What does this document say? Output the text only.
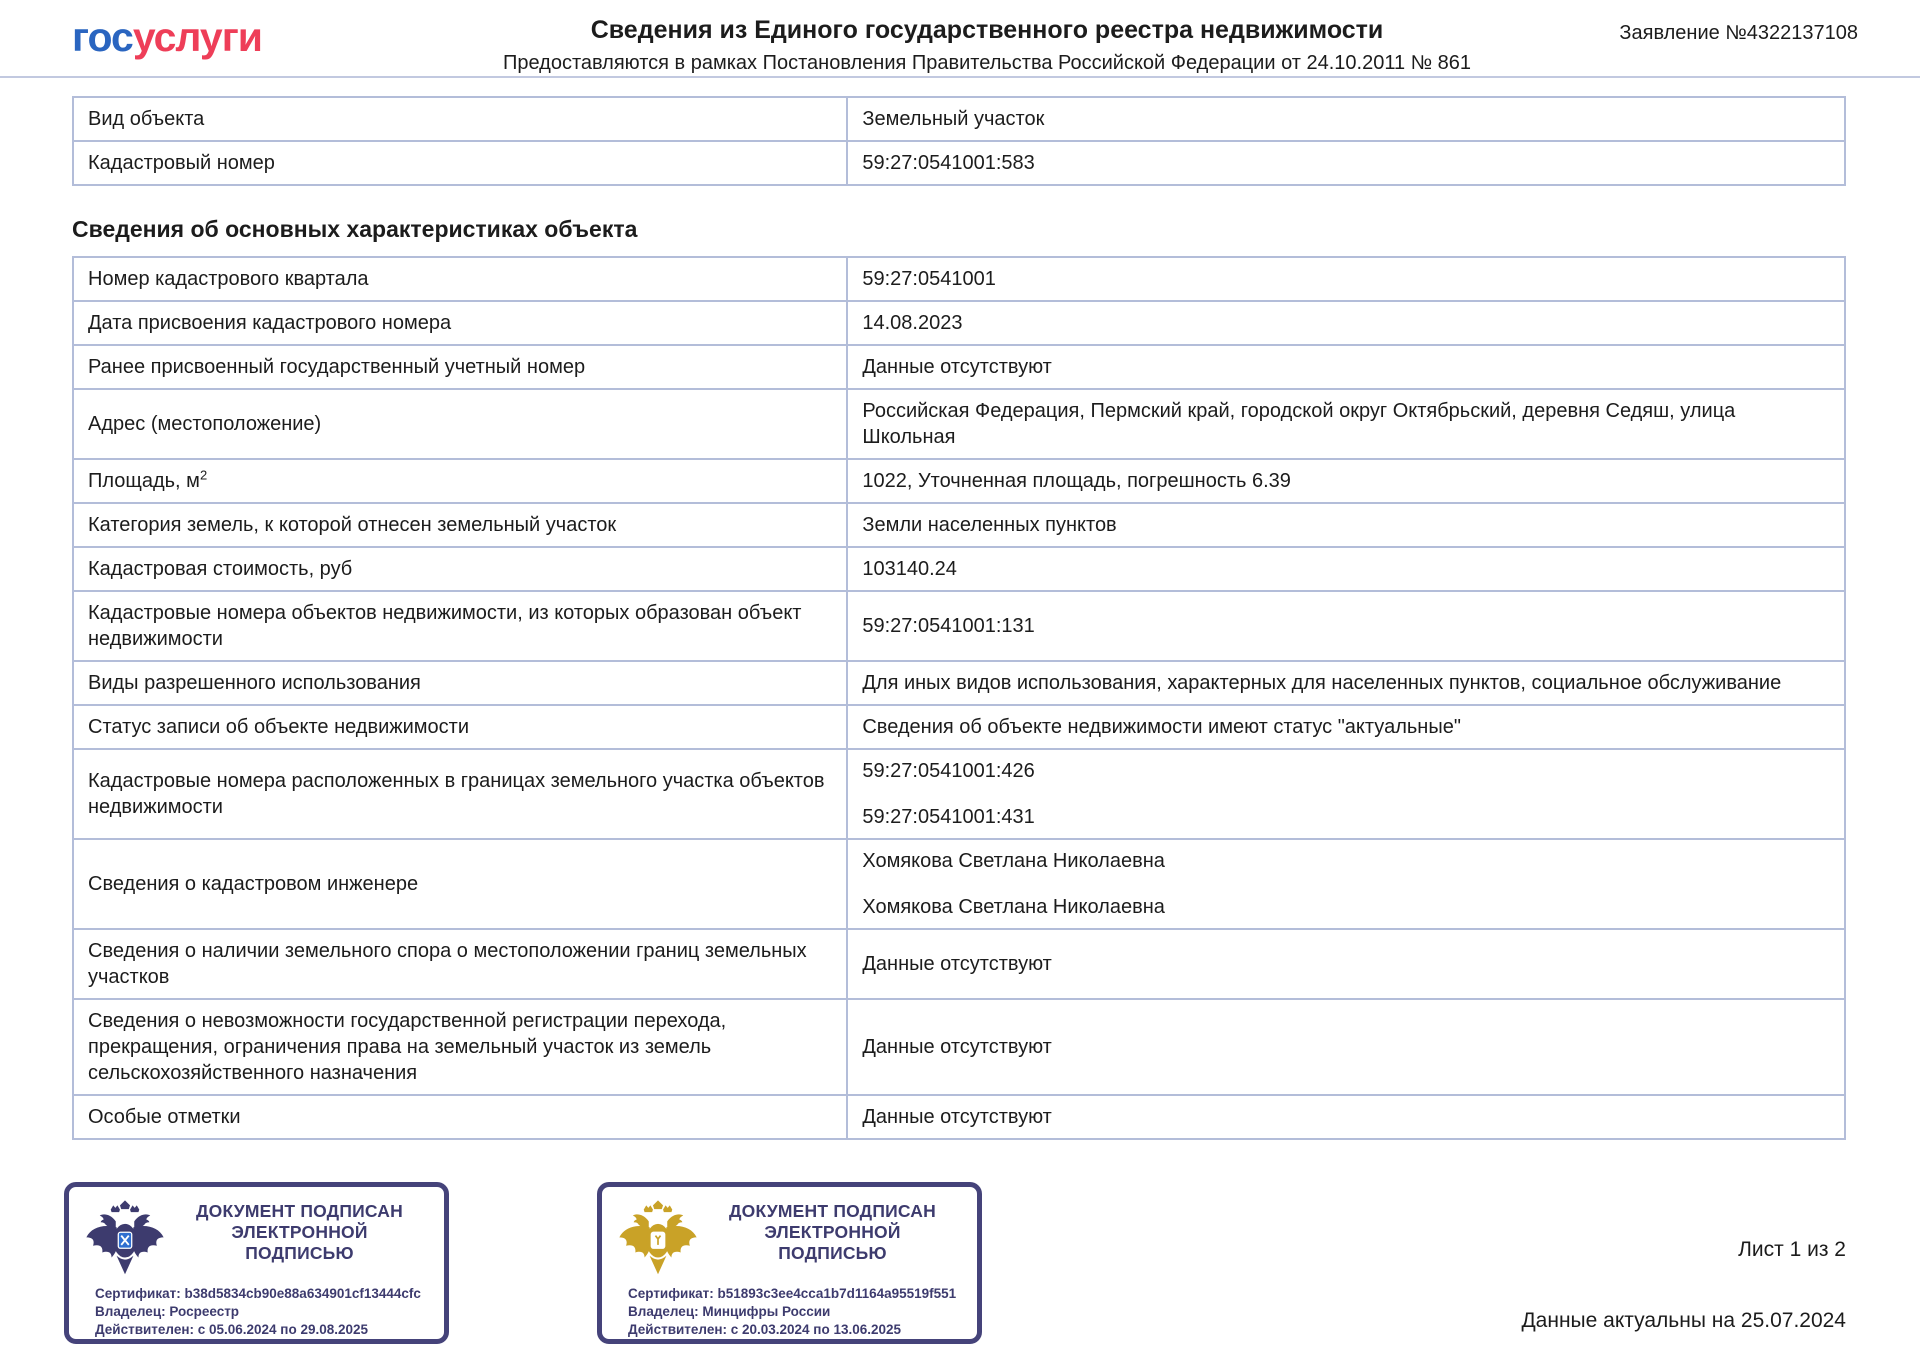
госуслуги	Сведения из Единого государственного реестра недвижимости
Предоставляются в рамках Постановления Правительства Российской Федерации от 24.10.2011 № 861
Заявление №4322137108
Вид объекта	Земельный участок

Кадастровый номер	59:27:0541001:583
Сведения об основных характеристиках объекта
Номер кадастрового квартала	59:27:0541001

Дата присвоения кадастрового номера	14.08.2023

Ранее присвоенный государственный учетный номер	Данные отсутствуют

Адрес (местоположение)	Российская Федерация, Пермский край, городской округ Октябрьский, деревня Седяш, улица Школьная

Площадь, $м^2$	1022, Уточненная площадь, погрешность 6.39

Категория земель, к которой отнесен земельный участок	Земли населенных пунктов

Кадастровая стоимость, руб	103140.24

Кадастровые номера объектов недвижимости, из которых образован объект недвижимости	59:27:0541001:131

Виды разрешенного использования	Для иных видов использования, характерных для населенных пунктов, социальное обслуживание

Статус записи об объекте недвижимости	Сведения об объекте недвижимости имеют статус "актуальные"

Кадастровые номера расположенных в границах земельного участка объектов недвижимости	59:27:0541001:426
59:27:0541001:431

Сведения о кадастровом инженере	Хомякова Светлана Николаевна
Хомякова Светлана Николаевна

Сведения о наличии земельного спора о местоположении границ земельных участков	Данные отсутствуют

Сведения о невозможности государственной регистрации перехода, прекращения, ограничения права на земельный участок из земель сельскохозяйственного назначения	Данные отсутствуют

Особые отметки	Данные отсутствуют
ДОКУМЕНТ ПОДПИСАН
ЭЛЕКТРОННОЙ
ПОДПИСЬЮ
Сертификат: b38d5834cb90e88a634901cf13444cfc
Владелец: Росреестр
Действителен: с 05.06.2024 по 29.08.2025
ДОКУМЕНТ ПОДПИСАН
ЭЛЕКТРОННОЙ
ПОДПИСЬЮ
Сертификат: b51893c3ee4cca1b7d1164a95519f551
Владелец: Минцифры России
Действителен: с 20.03.2024 по 13.06.2025
Лист 1 из 2
Данные актуальны на 25.07.2024
